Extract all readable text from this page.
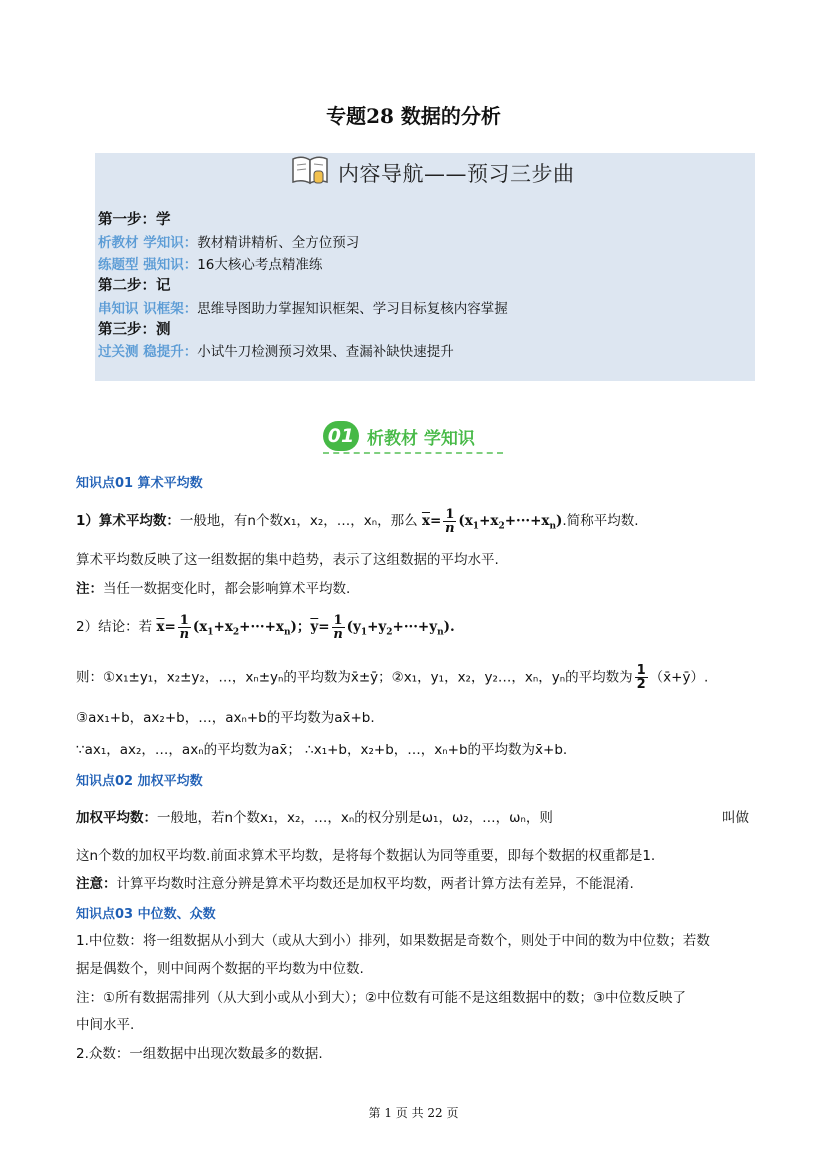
专题28 数据的分析
内容导航——预习三步曲
第一步：学
析教材 学知识：教材精讲精析、全方位预习
练题型 强知识：16大核心考点精准练
第二步：记
串知识 识框架：思维导图助力掌握知识框架、学习目标复核内容掌握
第三步：测
过关测 稳提升：小试牛刀检测预习效果、查漏补缺快速提升
01 析教材 学知识
知识点01 算术平均数
1）算术平均数：一般地，有n个数x₁，x₂，…，xₙ，那么 $\overline{x}= \frac{1}{n} (x_1+x_2+\cdot\cdot\cdot+x_n)$.简称平均数.
算术平均数反映了这一组数据的集中趋势，表示了这组数据的平均水平.
注：当任一数据变化时，都会影响算术平均数.
2）结论：若 $\overline{x}= \frac{1}{n} (x_1+x_2+\cdot\cdot\cdot+x_n)$；$\overline{y}= \frac{1}{n} (y_1+y_2+\cdot\cdot\cdot+y_n)$.
则：①x₁±y₁，x₂±y₂，…，xₙ±yₙ的平均数为x̄±ȳ；②x₁，y₁，x₂，y₂…，xₙ，yₙ的平均数为 $\frac{1}{2}$ （x̄+ȳ）.
③ax₁+b，ax₂+b，…，axₙ+b的平均数为ax̄+b.
∵ax₁，ax₂，…，axₙ的平均数为ax̄； ∴x₁+b，x₂+b，…，xₙ+b的平均数为x̄+b.
知识点02 加权平均数
加权平均数：一般地，若n个数x₁，x₂，…，xₙ的权分别是ω₁，ω₂，…，ωₙ，则	叫做
这n个数的加权平均数.前面求算术平均数，是将每个数据认为同等重要，即每个数据的权重都是1.
注意：计算平均数时注意分辨是算术平均数还是加权平均数，两者计算方法有差异，不能混淆.
知识点03 中位数、众数
1.中位数：将一组数据从小到大（或从大到小）排列，如果数据是奇数个，则处于中间的数为中位数；若数
据是偶数个，则中间两个数据的平均数为中位数.
注：①所有数据需排列（从大到小或从小到大）；②中位数有可能不是这组数据中的数；③中位数反映了
中间水平.
2.众数：一组数据中出现次数最多的数据.
第 1 页 共 22 页
